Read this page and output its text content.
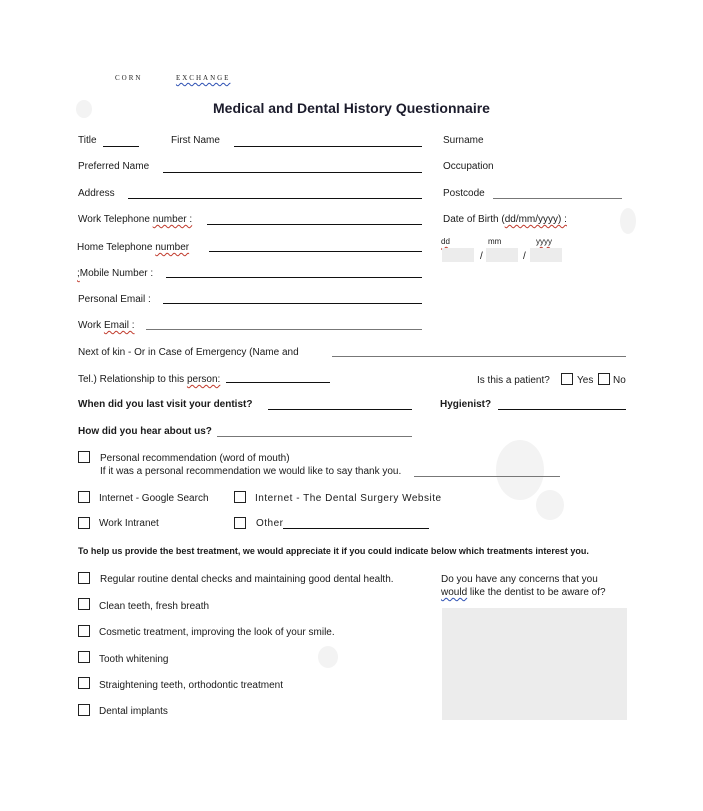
CORN	EXCHANGE
Medical and Dental History Questionnaire
Title	First Name	Surname
Preferred Name	Occupation
Address	Postcode
Work Telephone number :	Date of Birth (dd/mm/yyyy) :
Home Telephone number
dd	mm	yyyy
/	/
;Mobile Number :
Personal Email :
Work Email :
Next of kin - Or in Case of Emergency (Name and
Tel.) Relationship to this person:	Is this a patient?	Yes No
When did you last visit your dentist?	Hygienist?
How did you hear about us?
Personal recommendation (word of mouth)
If it was a personal recommendation we would like to say thank you.
Internet - Google Search	Internet - The Dental Surgery Website
Work Intranet	Other
To help us provide the best treatment, we would appreciate it if you could indicate below which treatments interest you.
Regular routine dental checks and maintaining good dental health.
Clean teeth, fresh breath
Cosmetic treatment, improving the look of your smile.
Tooth whitening
Straightening teeth, orthodontic treatment
Dental implants
Do you have any concerns that you
would like the dentist to be aware of?
